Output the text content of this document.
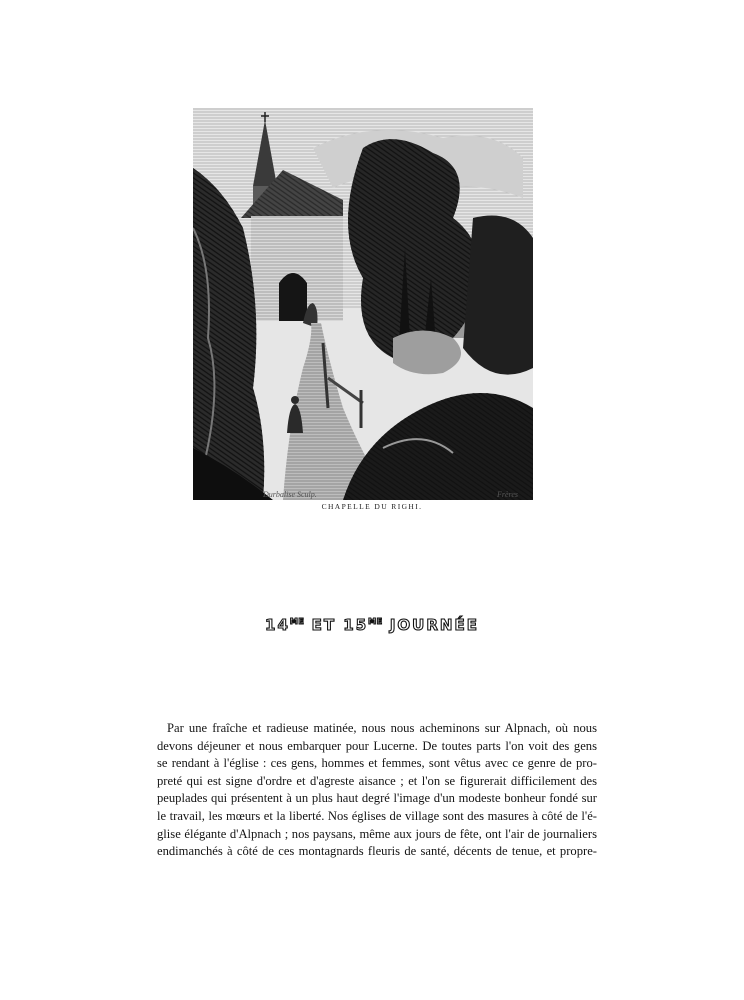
Durbalise Sculp.	Frères
CHAPELLE DU RIGHI.
$14^{ME}$ ET $15^{ME}$ JOURNÉE
Par une fraîche et radieuse matinée, nous nous acheminons sur Alpnach, où nous
devons déjeuner et nous embarquer pour Lucerne. De toutes parts l'on voit des gens
se rendant à l'église : ces gens, hommes et femmes, sont vêtus avec ce genre de pro-
preté qui est signe d'ordre et d'agreste aisance ; et l'on se figurerait difficilement des
peuplades qui présentent à un plus haut degré l'image d'un modeste bonheur fondé sur
le travail, les mœurs et la liberté. Nos églises de village sont des masures à côté de l'é-
glise élégante d'Alpnach ; nos paysans, même aux jours de fête, ont l'air de journaliers
endimanchés à côté de ces montagnards fleuris de santé, décents de tenue, et propre-
